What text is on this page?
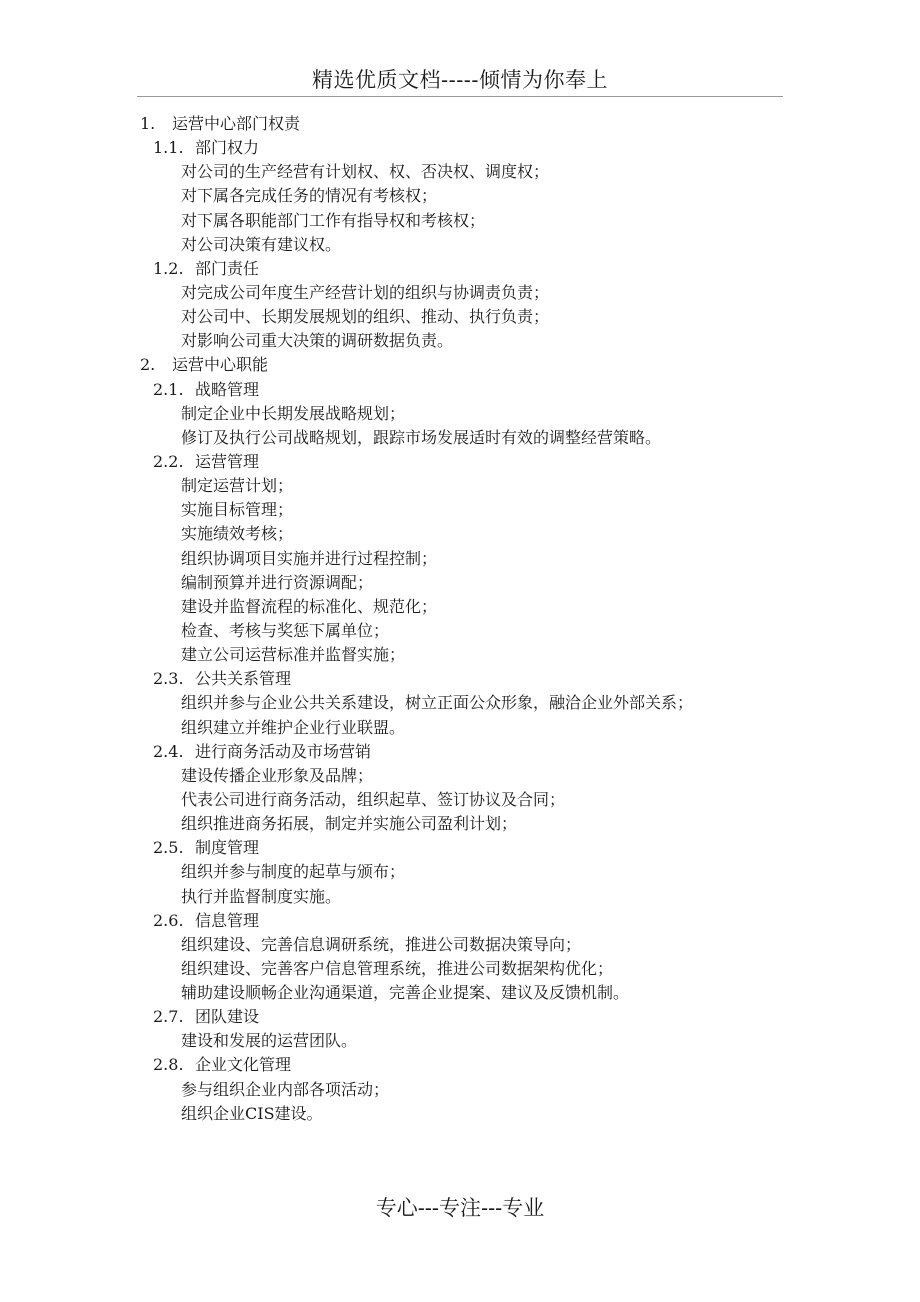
精选优质文档-----倾情为你奉上
1. 运营中心部门权责
1.1. 部门权力
对公司的生产经营有计划权、权、否决权、调度权；
对下属各完成任务的情况有考核权；
对下属各职能部门工作有指导权和考核权；
对公司决策有建议权。
1.2. 部门责任
对完成公司年度生产经营计划的组织与协调责负责；
对公司中、长期发展规划的组织、推动、执行负责；
对影响公司重大决策的调研数据负责。
2. 运营中心职能
2.1. 战略管理
制定企业中长期发展战略规划；
修订及执行公司战略规划，跟踪市场发展适时有效的调整经营策略。
2.2. 运营管理
制定运营计划；
实施目标管理；
实施绩效考核；
组织协调项目实施并进行过程控制；
编制预算并进行资源调配；
建设并监督流程的标准化、规范化；
检查、考核与奖惩下属单位；
建立公司运营标准并监督实施；
2.3. 公共关系管理
组织并参与企业公共关系建设，树立正面公众形象，融洽企业外部关系；
组织建立并维护企业行业联盟。
2.4. 进行商务活动及市场营销
建设传播企业形象及品牌；
代表公司进行商务活动，组织起草、签订协议及合同；
组织推进商务拓展，制定并实施公司盈利计划；
2.5. 制度管理
组织并参与制度的起草与颁布；
执行并监督制度实施。
2.6. 信息管理
组织建设、完善信息调研系统，推进公司数据决策导向；
组织建设、完善客户信息管理系统，推进公司数据架构优化；
辅助建设顺畅企业沟通渠道，完善企业提案、建议及反馈机制。
2.7. 团队建设
建设和发展的运营团队。
2.8. 企业文化管理
参与组织企业内部各项活动；
组织企业CIS建设。
专心---专注---专业
